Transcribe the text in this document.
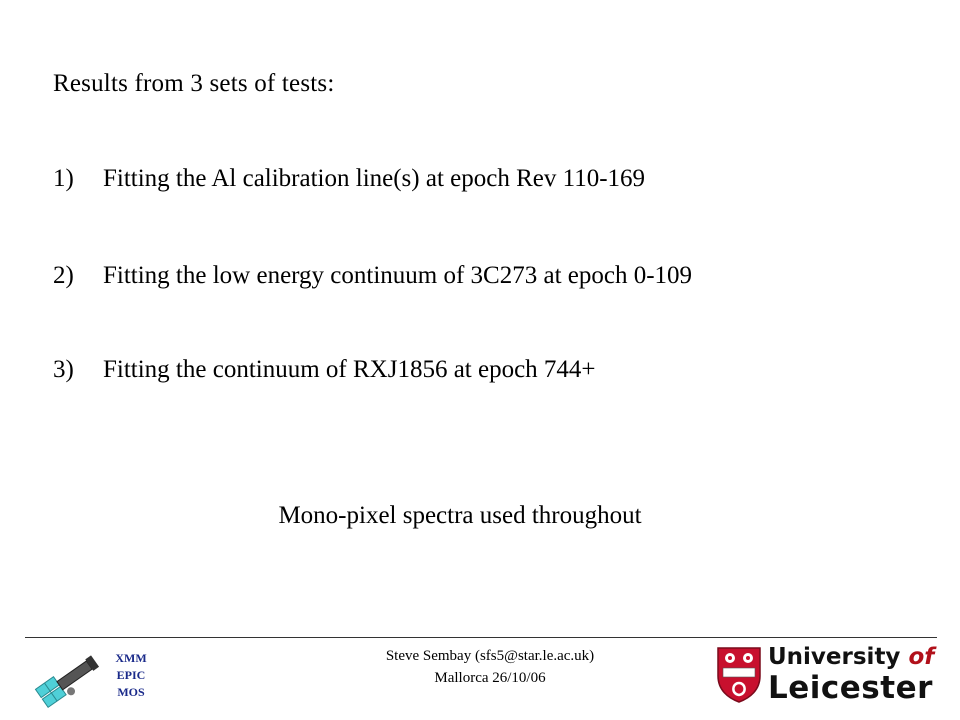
Results from 3 sets of tests:
1) Fitting the Al calibration line(s) at epoch Rev 110-169
2) Fitting the low energy continuum of 3C273 at epoch 0-109
3) Fitting the continuum of RXJ1856 at epoch 744+
Mono-pixel spectra used throughout
XMM
EPIC
MOS
Steve Sembay (sfs5@star.le.ac.uk)
Mallorca 26/10/06
University of
Leicester
